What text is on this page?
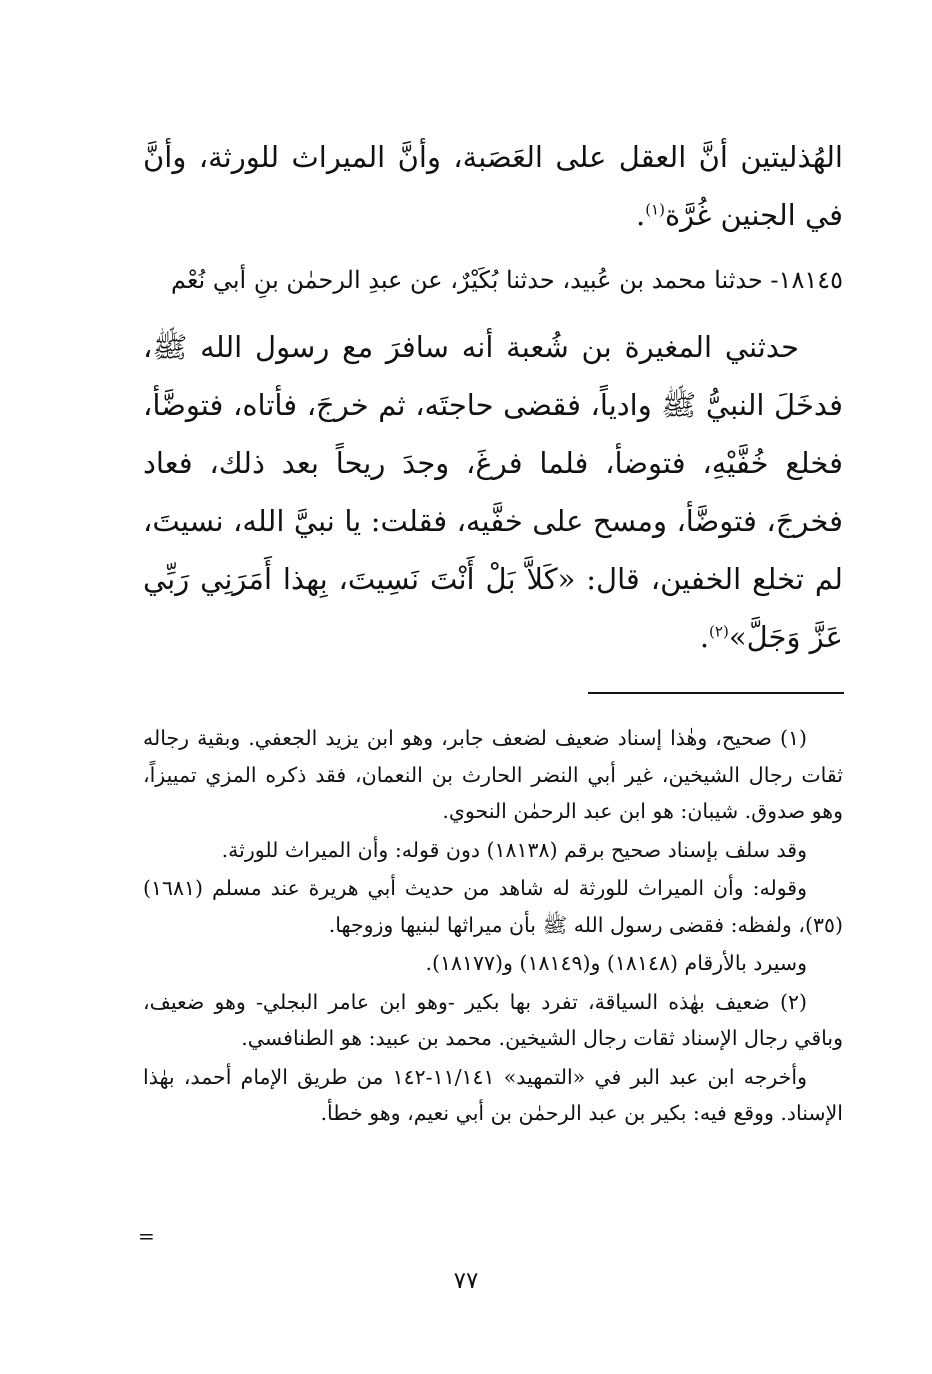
الهُذليتين أنَّ العقل على العَصَبة، وأنَّ الميراث للورثة، وأنَّ في الجنين غُرَّة$^{(١)}$.

١٨١٤٥- حدثنا محمد بن عُبيد، حدثنا بُكَيْرٌ، عن عبدِ الرحمٰن بنِ أبي نُعْم

حدثني المغيرة بن شُعبة أنه سافرَ مع رسول الله ﷺ، فدخَلَ النبيُّ ﷺ وادياً، فقضى حاجتَه، ثم خرجَ، فأتاه، فتوضَّأ، فخلع خُفَّيْهِ، فتوضأ، فلما فرغَ، وجدَ ريحاً بعد ذلك، فعاد فخرجَ، فتوضَّأ، ومسح على خفَّيه، فقلت: يا نبيَّ الله، نسيتَ، لم تخلع الخفين، قال: «كَلاَّ بَلْ أَنْتَ نَسِيتَ، بِهذا أَمَرَنِي رَبِّي عَزَّ وَجَلَّ»$^{(٢)}$.

(١) صحيح، وهٰذا إسناد ضعيف لضعف جابر، وهو ابن يزيد الجعفي. وبقية رجاله ثقات رجال الشيخين، غير أبي النضر الحارث بن النعمان، فقد ذكره المزي تمييزاً، وهو صدوق. شيبان: هو ابن عبد الرحمٰن النحوي.

وقد سلف بإسناد صحيح برقم (١٨١٣٨) دون قوله: وأن الميراث للورثة.

وقوله: وأن الميراث للورثة له شاهد من حديث أبي هريرة عند مسلم (١٦٨١) (٣٥)، ولفظه: فقضى رسول الله ﷺ بأن ميراثها لبنيها وزوجها.

وسيرد بالأرقام (١٨١٤٨) و(١٨١٤٩) و(١٨١٧٧).

(٢) ضعيف بهٰذه السياقة، تفرد بها بكير -وهو ابن عامر البجلي- وهو ضعيف، وباقي رجال الإسناد ثقات رجال الشيخين. محمد بن عبيد: هو الطنافسي.

وأخرجه ابن عبد البر في «التمهيد» ١١/١٤١-١٤٢ من طريق الإمام أحمد، بهٰذا الإسناد. ووقع فيه: بكير بن عبد الرحمٰن بن أبي نعيم، وهو خطأ.

=
٧٧
